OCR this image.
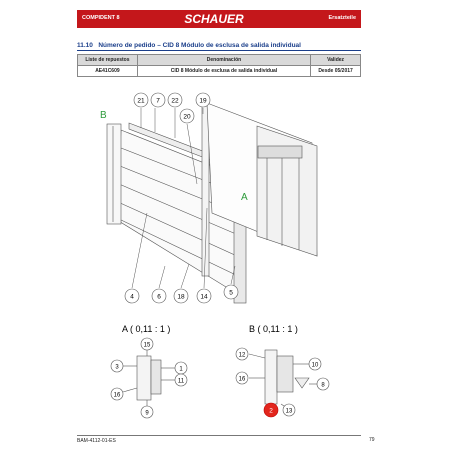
COMPIDENT 8	Ersatzteile
SCHAUER
11.10 Número de pedido – CID 8 Módulo de esclusa de salida individual
Liste de repuestos	Denominación	Validez
AE41C609	CID 8 Módulo de esclusa de salida individual	Desde 05/2017
21 7 22	19
20
B
A
4	6	18 14
5
A ( 0,11 : 1 )
15
3	1
11
16
9
B ( 0,11 : 1 )
12
10
16
8
2 13
BAM-4112-01-ES	79
